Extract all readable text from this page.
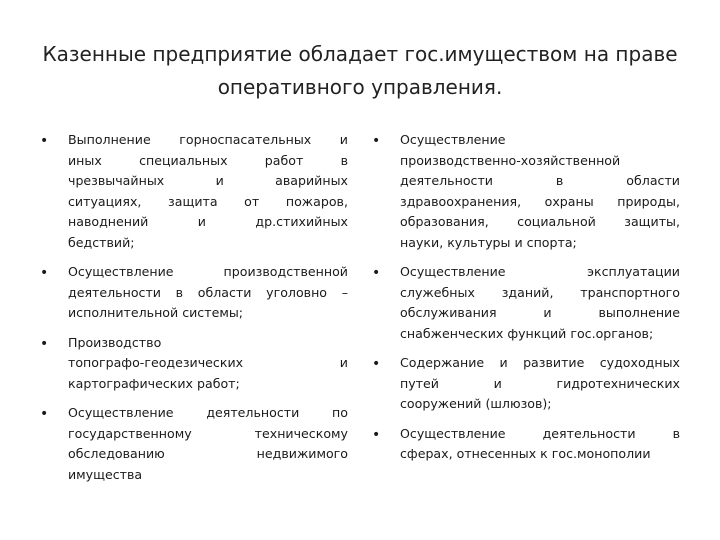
Казенные предприятие обладает гос.имуществом на праве
оперативного управления.
• Выполнение горноспасательных и
иных специальных работ в
чрезвычайных и аварийных
ситуациях, защита от пожаров,
наводнений и др.стихийных
бедствий;
• Осуществление производственной
деятельности в области уголовно –
исполнительной системы;
• Производство
топографо-геодезических и
картографических работ;
• Осуществление деятельности по
государственному техническому
обследованию недвижимого
имущества
• Осуществление
производственно-хозяйственной
деятельности в области
здравоохранения, охраны природы,
образования, социальной защиты,
науки, культуры и спорта;
• Осуществление эксплуатации
служебных зданий, транспортного
обслуживания и выполнение
снабженческих функций гос.органов;
• Содержание и развитие судоходных
путей и гидротехнических
сооружений (шлюзов);
• Осуществление деятельности в
сферах, отнесенных к гос.монополии
